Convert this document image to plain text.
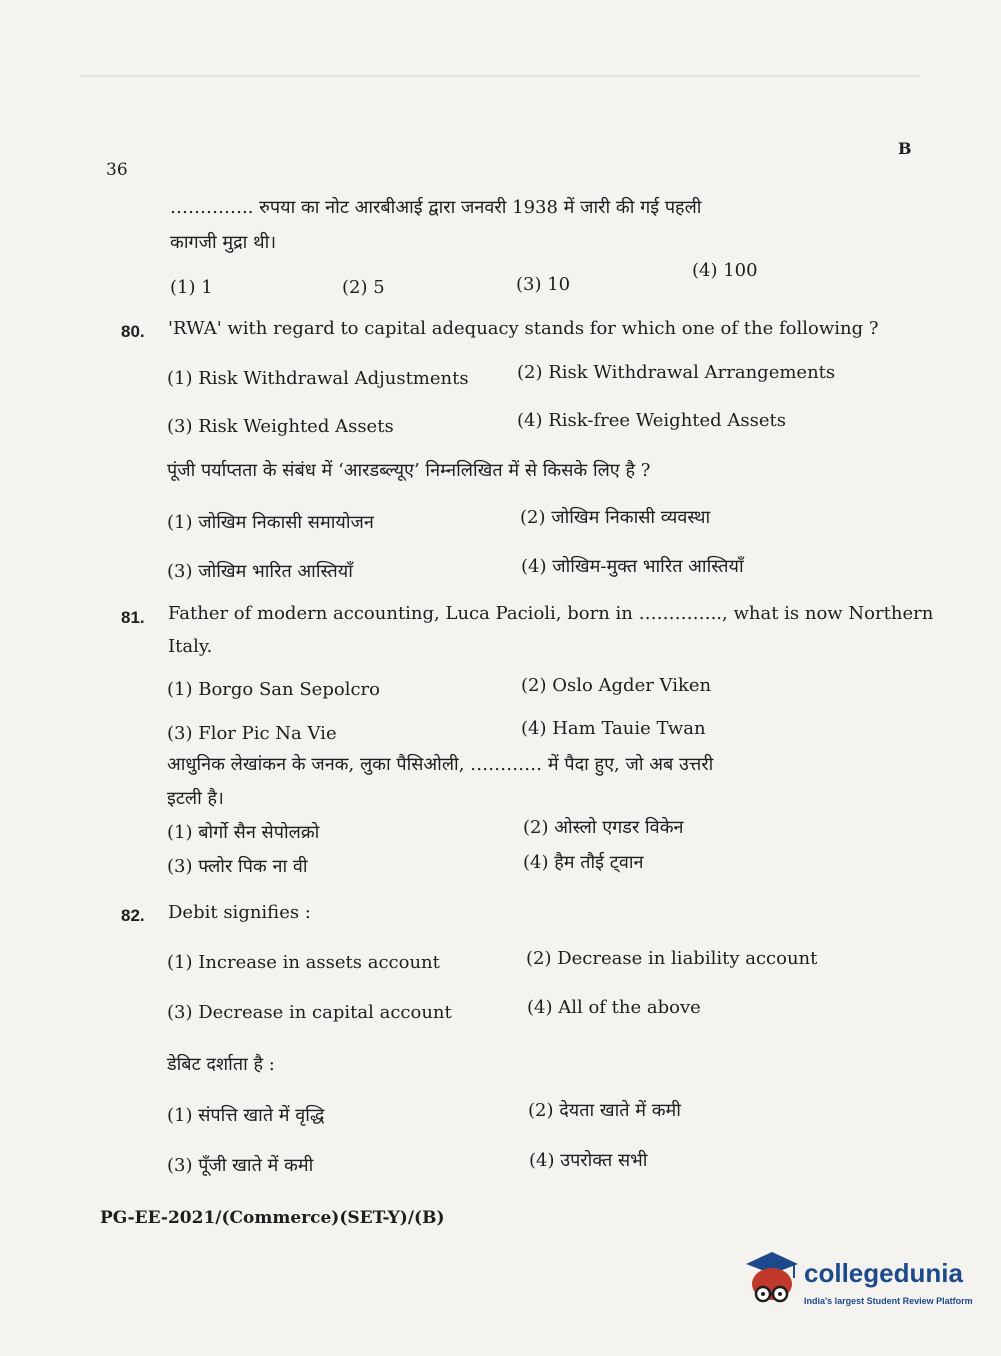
36
B
………….. रुपया का नोट आरबीआई द्वारा जनवरी 1938 में जारी की गई पहली
कागजी मुद्रा थी।
(1) 1	(2) 5	(3) 10
(4) 100
80. 'RWA' with regard to capital adequacy stands for which one of the following ?
(1) Risk Withdrawal Adjustments	(2) Risk Withdrawal Arrangements
(3) Risk Weighted Assets	(4) Risk-free Weighted Assets
पूंजी पर्याप्तता के संबंध में ‘आरडब्ल्यूए’ निम्नलिखित में से किसके लिए है ?
(1) जोखिम निकासी समायोजन	(2) जोखिम निकासी व्यवस्था
(3) जोखिम भारित आस्तियाँ	(4) जोखिम-मुक्त भारित आस्तियाँ
81. Father of modern accounting, Luca Pacioli, born in ………….., what is now Northern
Italy.
(1) Borgo San Sepolcro	(2) Oslo Agder Viken
(3) Flor Pic Na Vie	(4) Ham Tauie Twan
आधुनिक लेखांकन के जनक, लुका पैसिओली, ………… में पैदा हुए, जो अब उत्तरी
इटली है।
(1) बोर्गो सैन सेपोलक्रो	(2) ओस्लो एगडर विकेन
(3) फ्लोर पिक ना वी	(4) हैम तौई ट्वान
82. Debit signifies :
(1) Increase in assets account	(2) Decrease in liability account
(3) Decrease in capital account	(4) All of the above
डेबिट दर्शाता है :
(1) संपत्ति खाते में वृद्धि	(2) देयता खाते में कमी
(3) पूँजी खाते में कमी	(4) उपरोक्त सभी
PG-EE-2021/(Commerce)(SET-Y)/(B)
collegedunia
India's largest Student Review Platform
